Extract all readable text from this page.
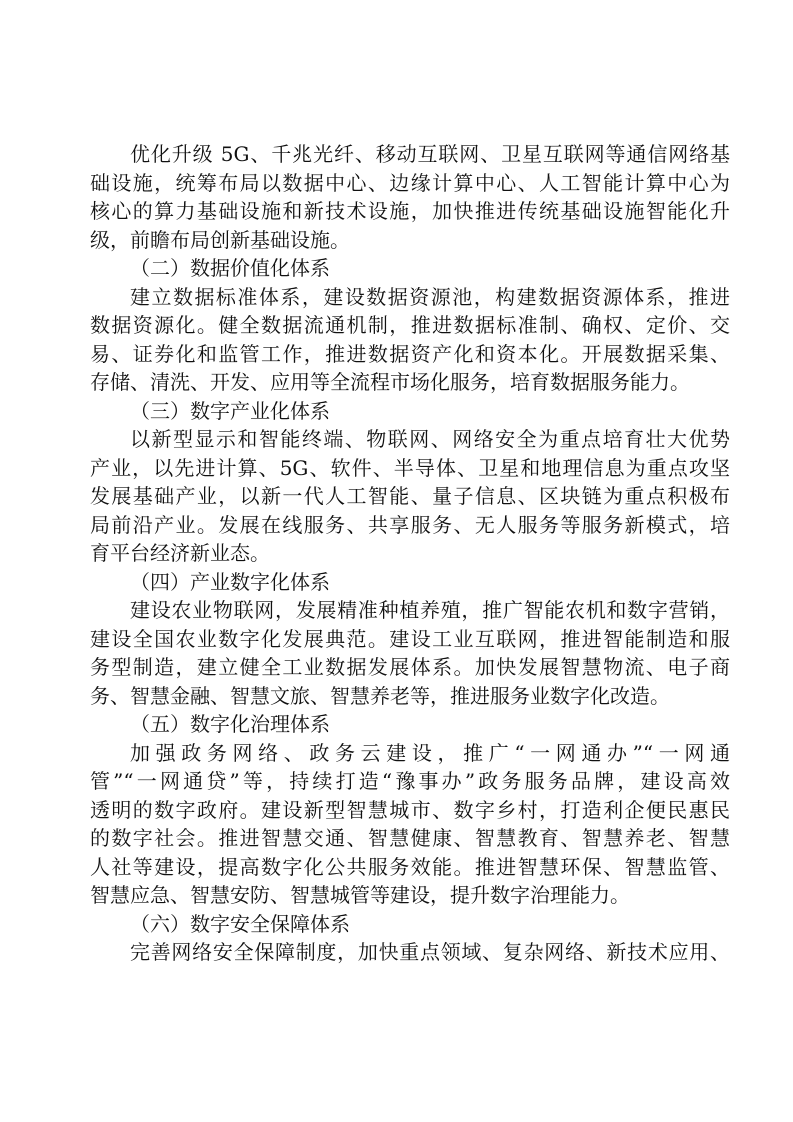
优化升级 5G、千兆光纤、移动互联网、卫星互联网等通信网络基
础设施，统筹布局以数据中心、边缘计算中心、人工智能计算中心为
核心的算力基础设施和新技术设施，加快推进传统基础设施智能化升
级，前瞻布局创新基础设施。
（二）数据价值化体系
建立数据标准体系，建设数据资源池，构建数据资源体系，推进
数据资源化。健全数据流通机制，推进数据标准制、确权、定价、交
易、证券化和监管工作，推进数据资产化和资本化。开展数据采集、
存储、清洗、开发、应用等全流程市场化服务，培育数据服务能力。
（三）数字产业化体系
以新型显示和智能终端、物联网、网络安全为重点培育壮大优势
产业，以先进计算、5G、软件、半导体、卫星和地理信息为重点攻坚
发展基础产业，以新一代人工智能、量子信息、区块链为重点积极布
局前沿产业。发展在线服务、共享服务、无人服务等服务新模式，培
育平台经济新业态。
（四）产业数字化体系
建设农业物联网，发展精准种植养殖，推广智能农机和数字营销，
建设全国农业数字化发展典范。建设工业互联网，推进智能制造和服
务型制造，建立健全工业数据发展体系。加快发展智慧物流、电子商
务、智慧金融、智慧文旅、智慧养老等，推进服务业数字化改造。
（五）数字化治理体系
加强政务网络、政务云建设，推广“一网通办”“一网通
管”“一网通贷”等，持续打造“豫事办”政务服务品牌，建设高效
透明的数字政府。建设新型智慧城市、数字乡村，打造利企便民惠民
的数字社会。推进智慧交通、智慧健康、智慧教育、智慧养老、智慧
人社等建设，提高数字化公共服务效能。推进智慧环保、智慧监管、
智慧应急、智慧安防、智慧城管等建设，提升数字治理能力。
（六）数字安全保障体系
完善网络安全保障制度，加快重点领域、复杂网络、新技术应用、
